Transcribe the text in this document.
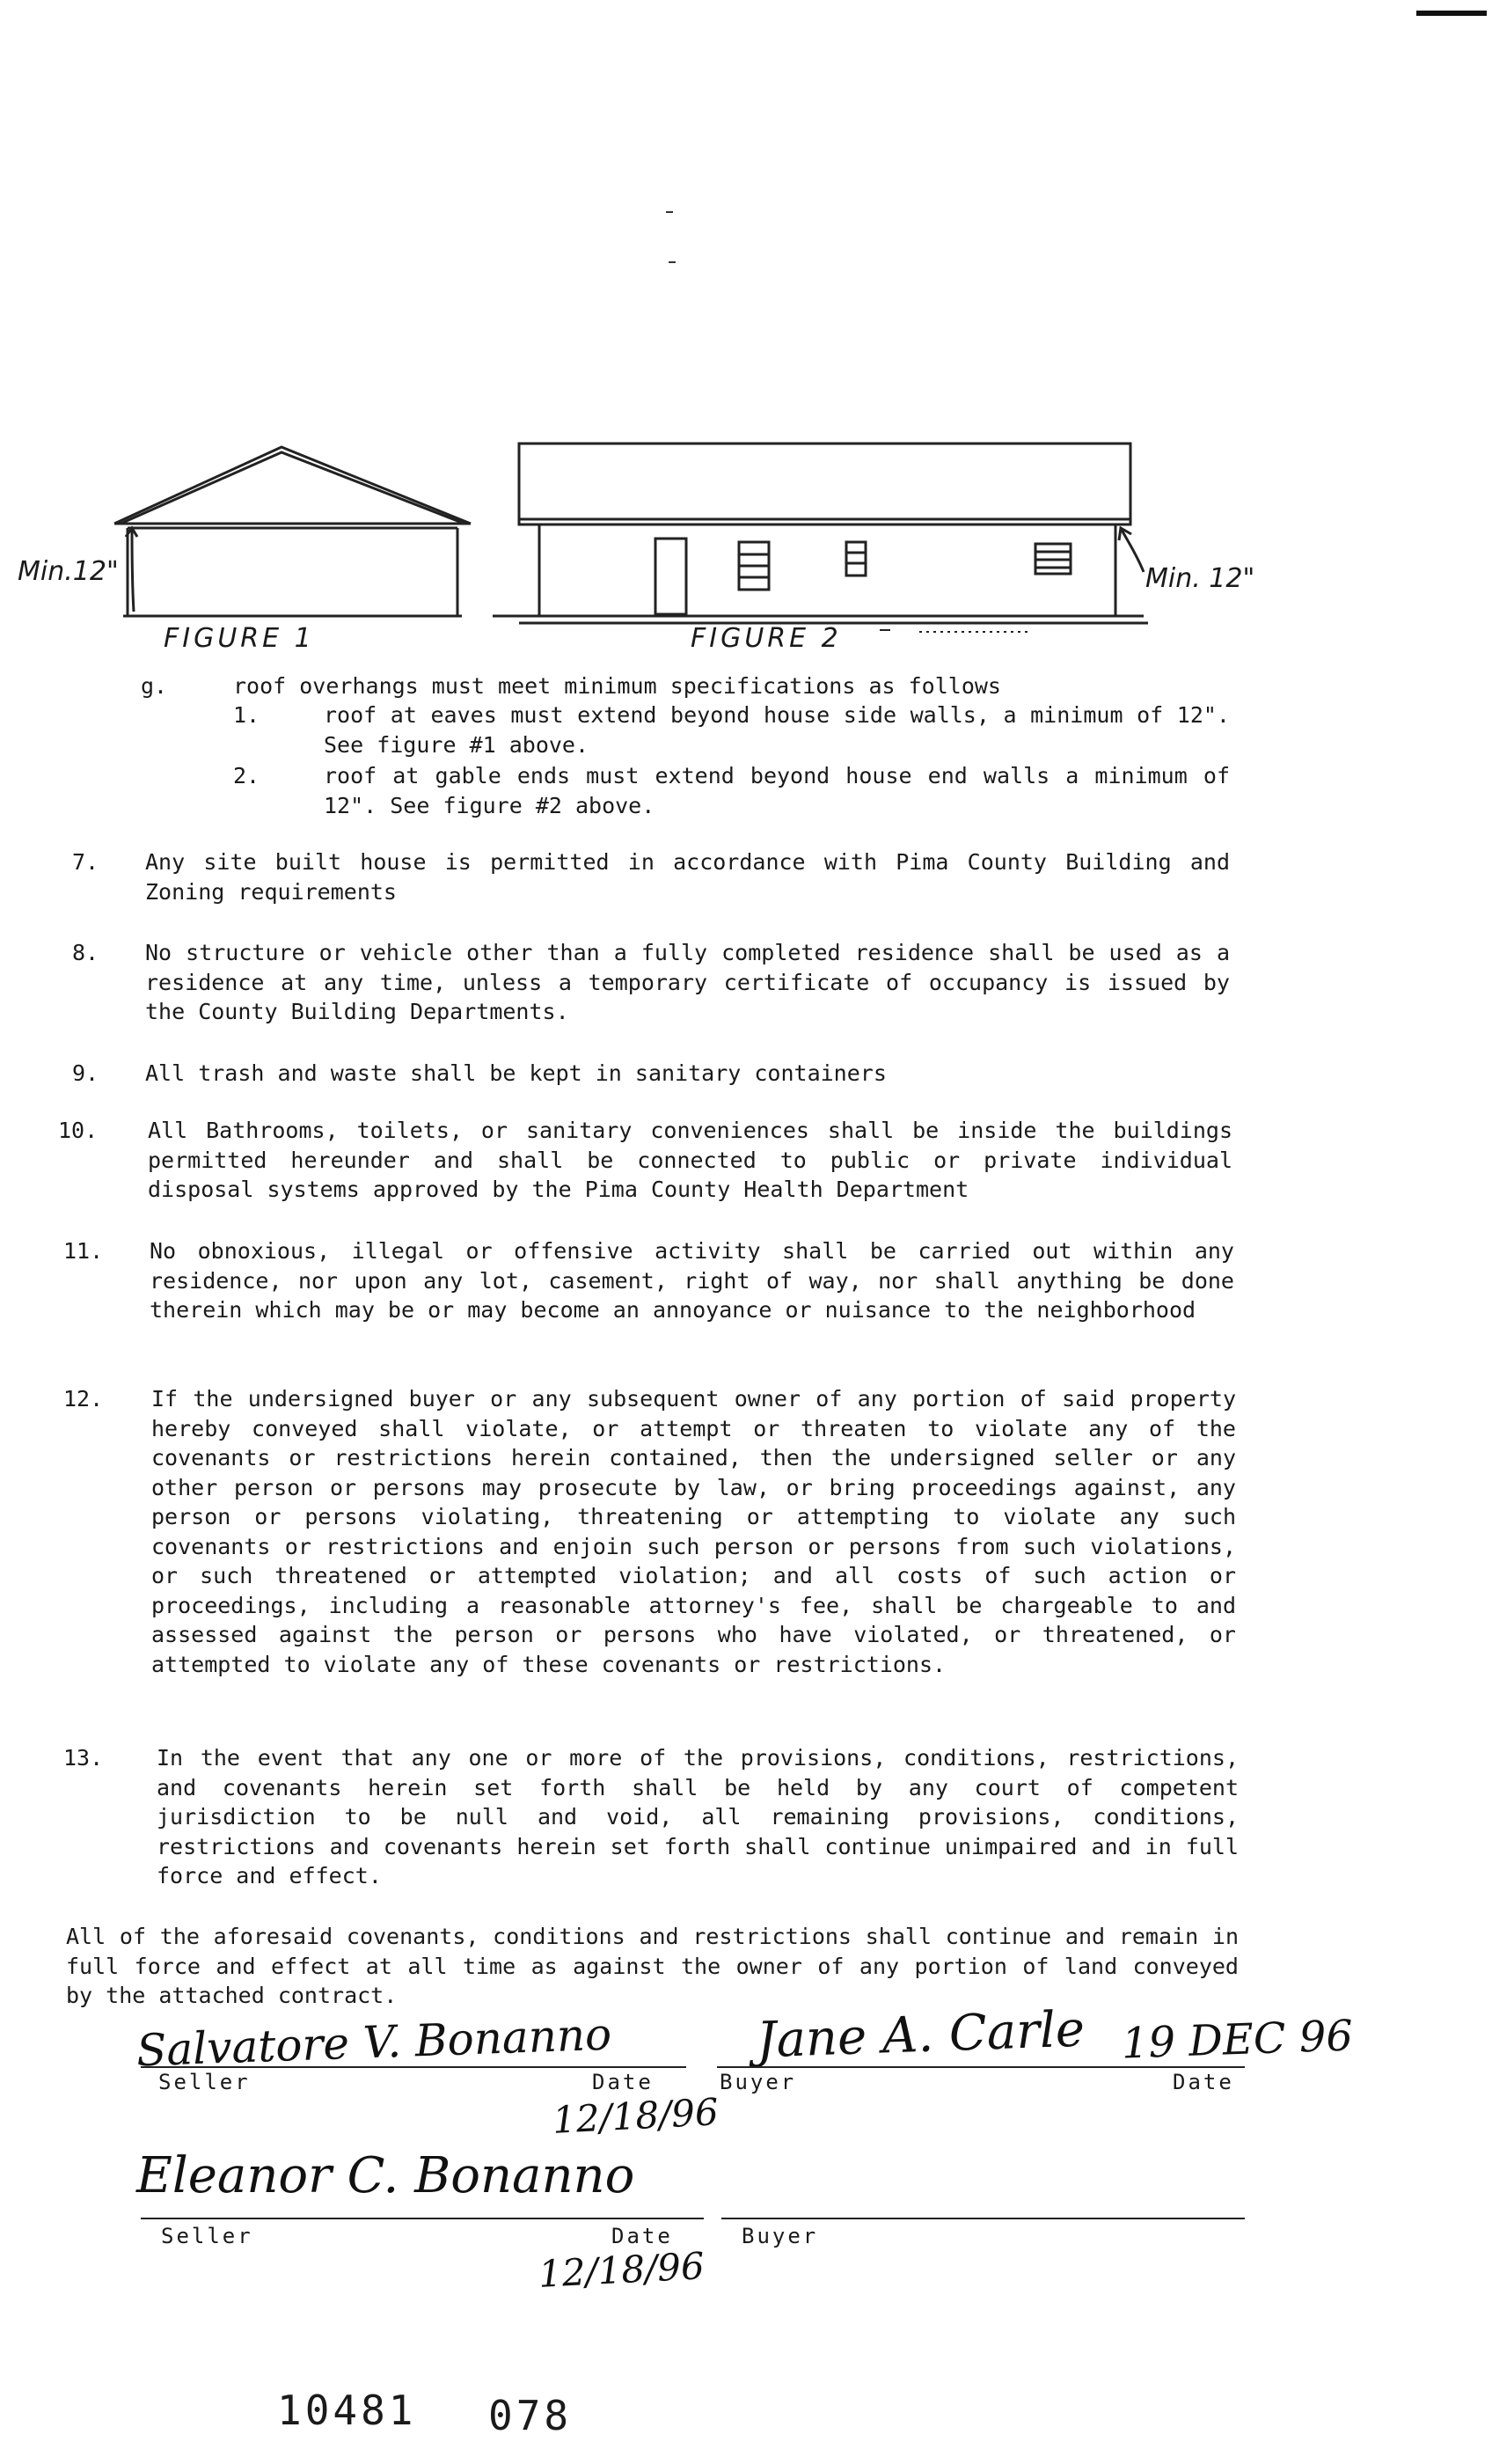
Min.12"	Min. 12"
FIGURE 1	FIGURE 2
g.	roof overhangs must meet minimum specifications as follows
1.	roof at eaves must extend beyond house side walls, a minimum of 12". See figure #1 above.
2.	roof at gable ends must extend beyond house end walls a minimum of 12". See figure #2 above.
7. Any site built house is permitted in accordance with Pima County Building and Zoning requirements
8. No structure or vehicle other than a fully completed residence shall be used as a residence at any time, unless a temporary certificate of occupancy is issued by the County Building Departments.
9. All trash and waste shall be kept in sanitary containers
10. All Bathrooms, toilets, or sanitary conveniences shall be inside the buildings permitted hereunder and shall be connected to public or private individual disposal systems approved by the Pima County Health Department
11. No obnoxious, illegal or offensive activity shall be carried out within any residence, nor upon any lot, casement, right of way, nor shall anything be done therein which may be or may become an annoyance or nuisance to the neighborhood
12. If the undersigned buyer or any subsequent owner of any portion of said property hereby conveyed shall violate, or attempt or threaten to violate any of the covenants or restrictions herein contained, then the undersigned seller or any other person or persons may prosecute by law, or bring proceedings against, any person or persons violating, threatening or attempting to violate any such covenants or restrictions and enjoin such person or persons from such violations, or such threatened or attempted violation; and all costs of such action or proceedings, including a reasonable attorney's fee, shall be chargeable to and assessed against the person or persons who have violated, or threatened, or attempted to violate any of these covenants or restrictions.
13. In the event that any one or more of the provisions, conditions, restrictions, and covenants herein set forth shall be held by any court of competent jurisdiction to be null and void, all remaining provisions, conditions, restrictions and covenants herein set forth shall continue unimpaired and in full force and effect.
All of the aforesaid covenants, conditions and restrictions shall continue and remain in full force and effect at all time as against the owner of any portion of land conveyed by the attached contract.
Salvatore V. Bonanno
Seller	Date
12/18/96
Jane A. Carle
Buyer	Date
19 DEC 96
Eleanor C. Bonanno
Seller	Date
12/18/96
Buyer
10481 078
